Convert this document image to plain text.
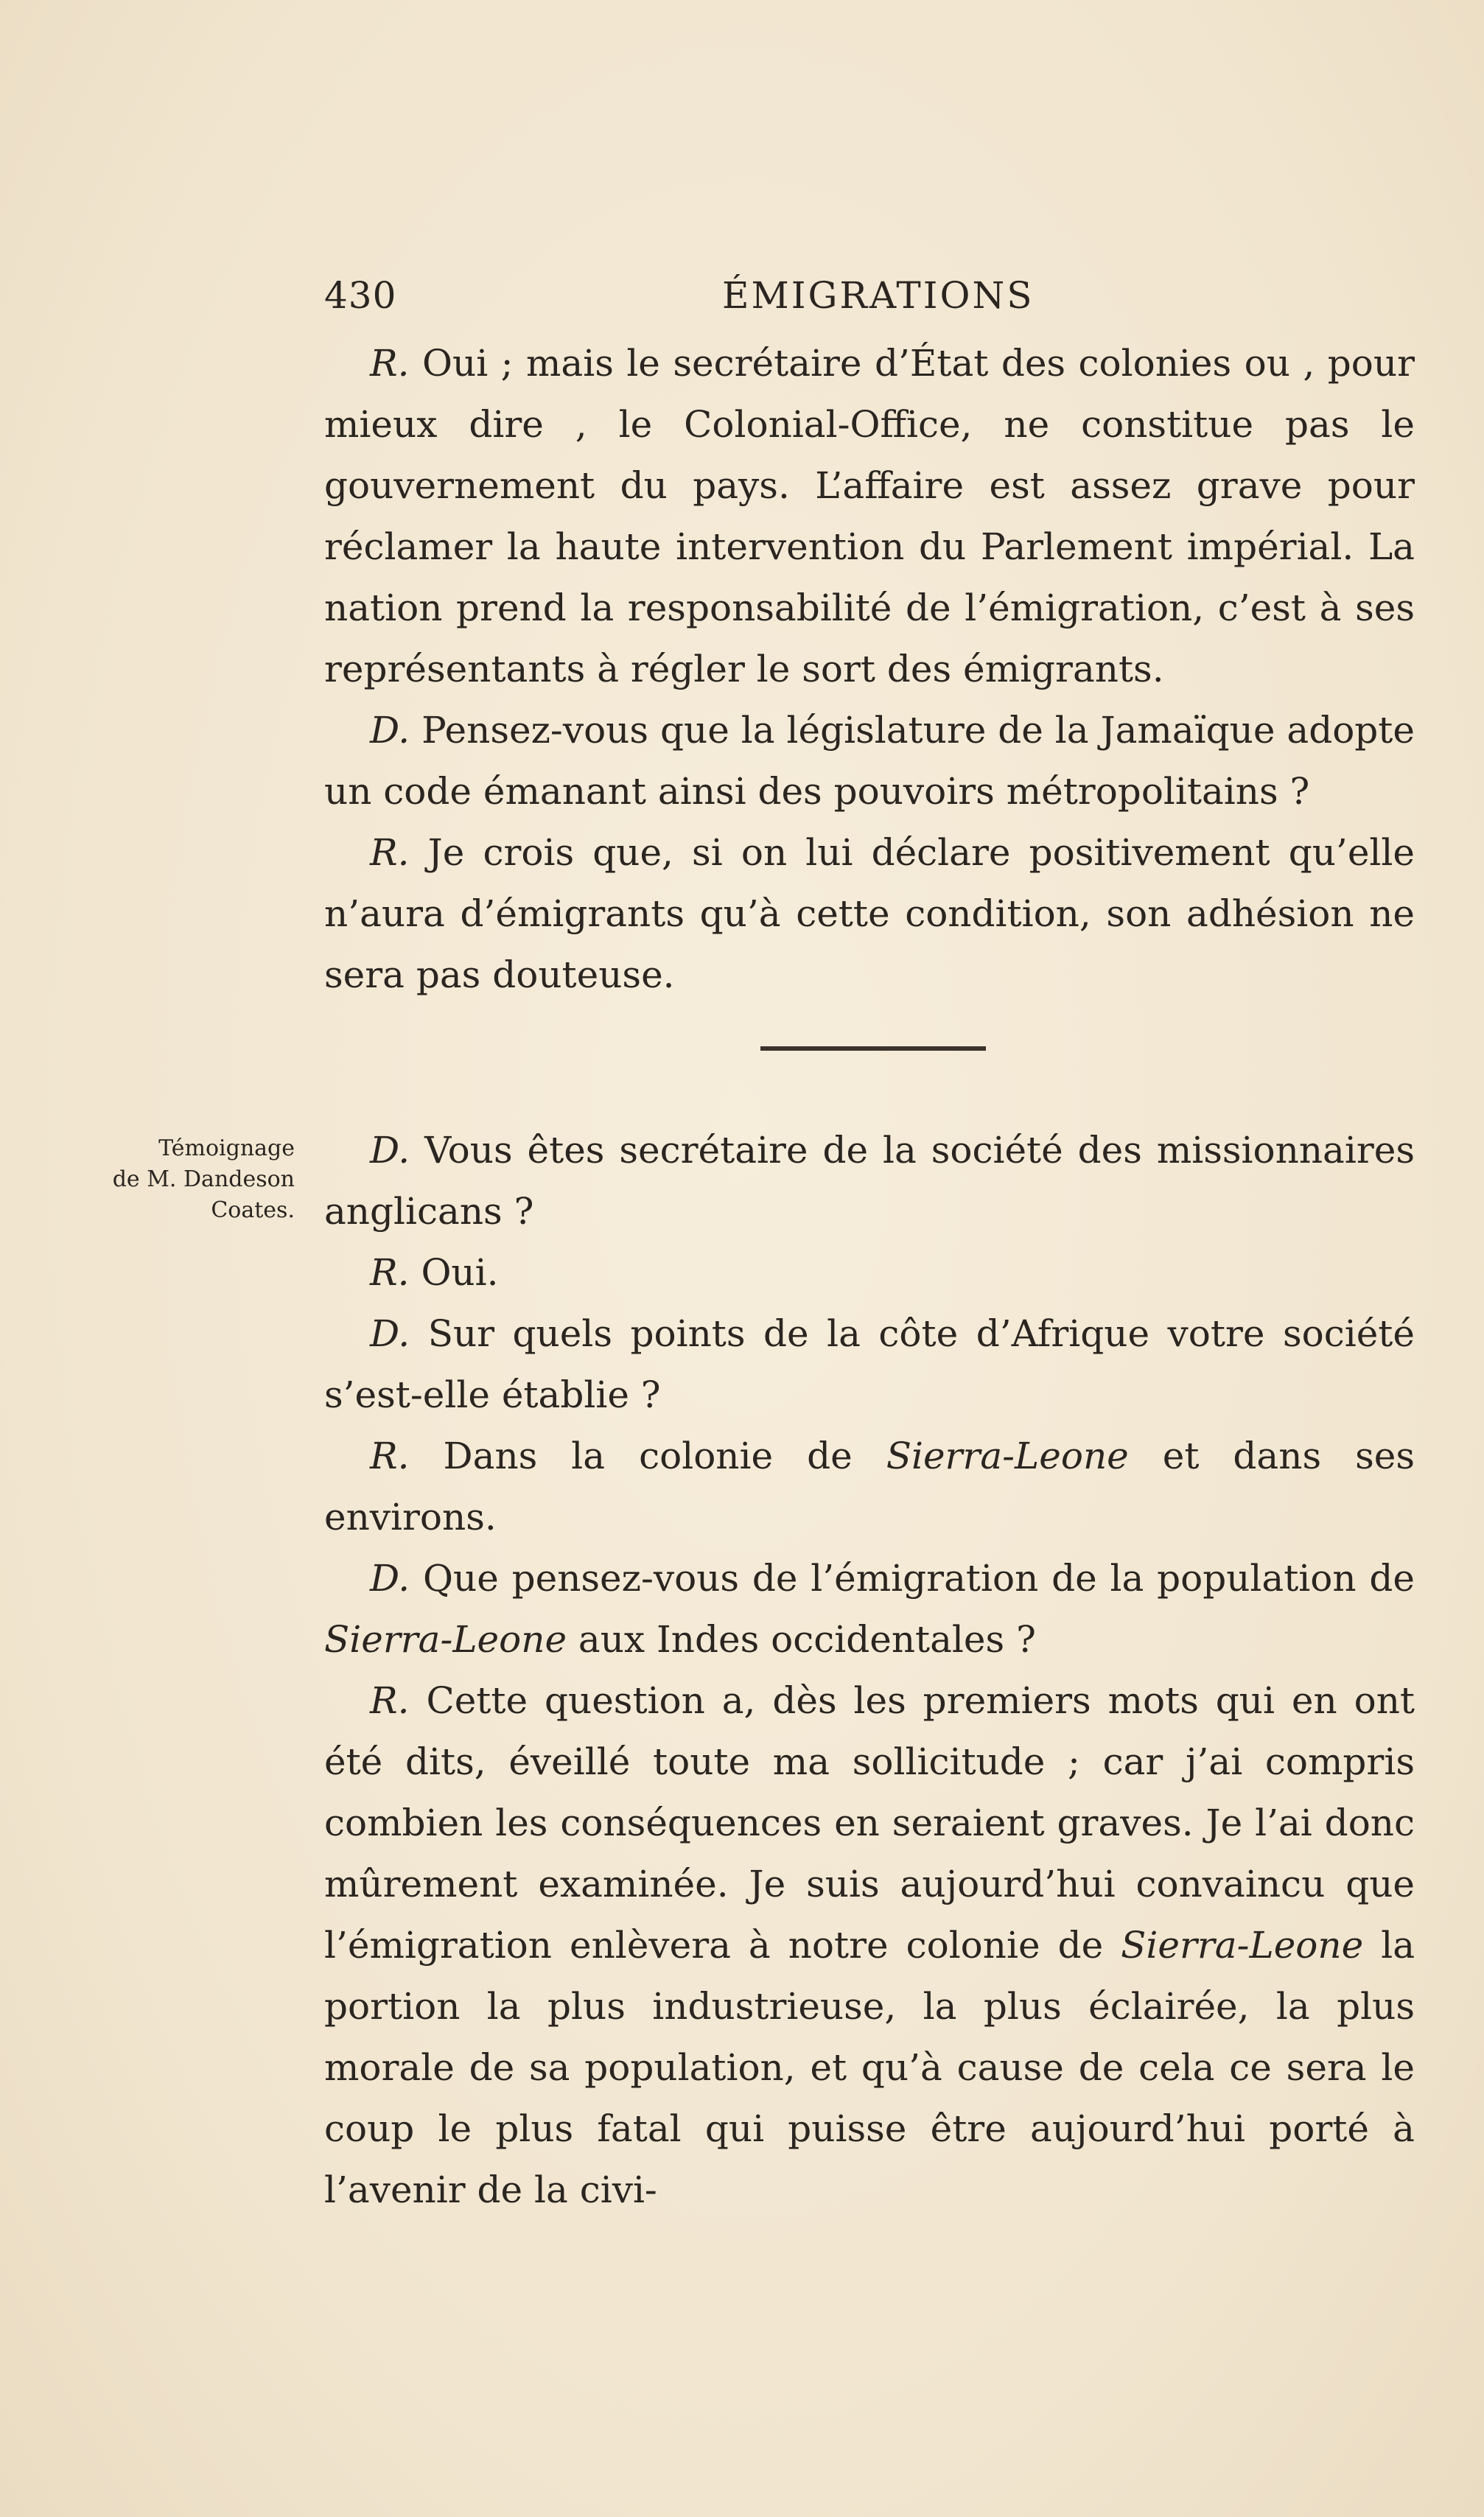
430	ÉMIGRATIONS

R. Oui ; mais le secrétaire d’État des colonies ou , pour mieux dire , le Colonial-Office, ne constitue pas le gouvernement du pays. L’affaire est assez grave pour réclamer la haute intervention du Parlement impérial. La nation prend la responsabilité de l’émigration, c’est à ses représentants à régler le sort des émigrants.

D. Pensez-vous que la législature de la Jamaïque adopte un code émanant ainsi des pouvoirs métropolitains ?

R. Je crois que, si on lui déclare positivement qu’elle n’aura d’émigrants qu’à cette condition, son adhésion ne sera pas douteuse.

Témoignage
de M. Dandeson
Coates.

D. Vous êtes secrétaire de la société des missionnaires anglicans ?

R. Oui.

D. Sur quels points de la côte d’Afrique votre société s’est-elle établie ?

R. Dans la colonie de Sierra-Leone et dans ses environs.

D. Que pensez-vous de l’émigration de la population de Sierra-Leone aux Indes occidentales ?

R. Cette question a, dès les premiers mots qui en ont été dits, éveillé toute ma sollicitude ; car j’ai compris combien les conséquences en seraient graves. Je l’ai donc mûrement examinée. Je suis aujourd’hui convaincu que l’émigration enlèvera à notre colonie de Sierra-Leone la portion la plus industrieuse, la plus éclairée, la plus morale de sa population, et qu’à cause de cela ce sera le coup le plus fatal qui puisse être aujourd’hui porté à l’avenir de la civi-
